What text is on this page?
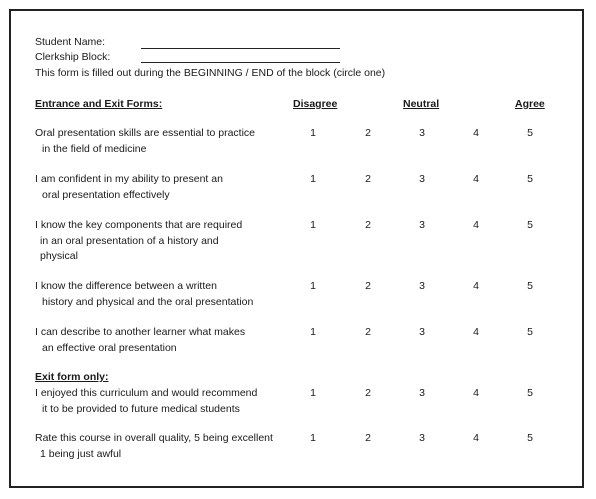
Student Name:
Clerkship Block:
This form is filled out during the BEGINNING / END of the block (circle one)
Entrance and Exit Forms:	Disagree	Neutral	Agree
Oral presentation skills are essential to practice
in the field of medicine
1	2	3	4	5
I am confident in my ability to present an
oral presentation effectively
1	2	3	4	5
I know the key components that are required
in an oral presentation of a history and
physical
1	2	3	4	5
I know the difference between a written
history and physical and the oral presentation
1	2	3	4	5
I can describe to another learner what makes
an effective oral presentation
1	2	3	4	5
Exit form only:
I enjoyed this curriculum and would recommend
it to be provided to future medical students
1	2	3	4	5
Rate this course in overall quality, 5 being excellent
1 being just awful
1	2	3	4	5
